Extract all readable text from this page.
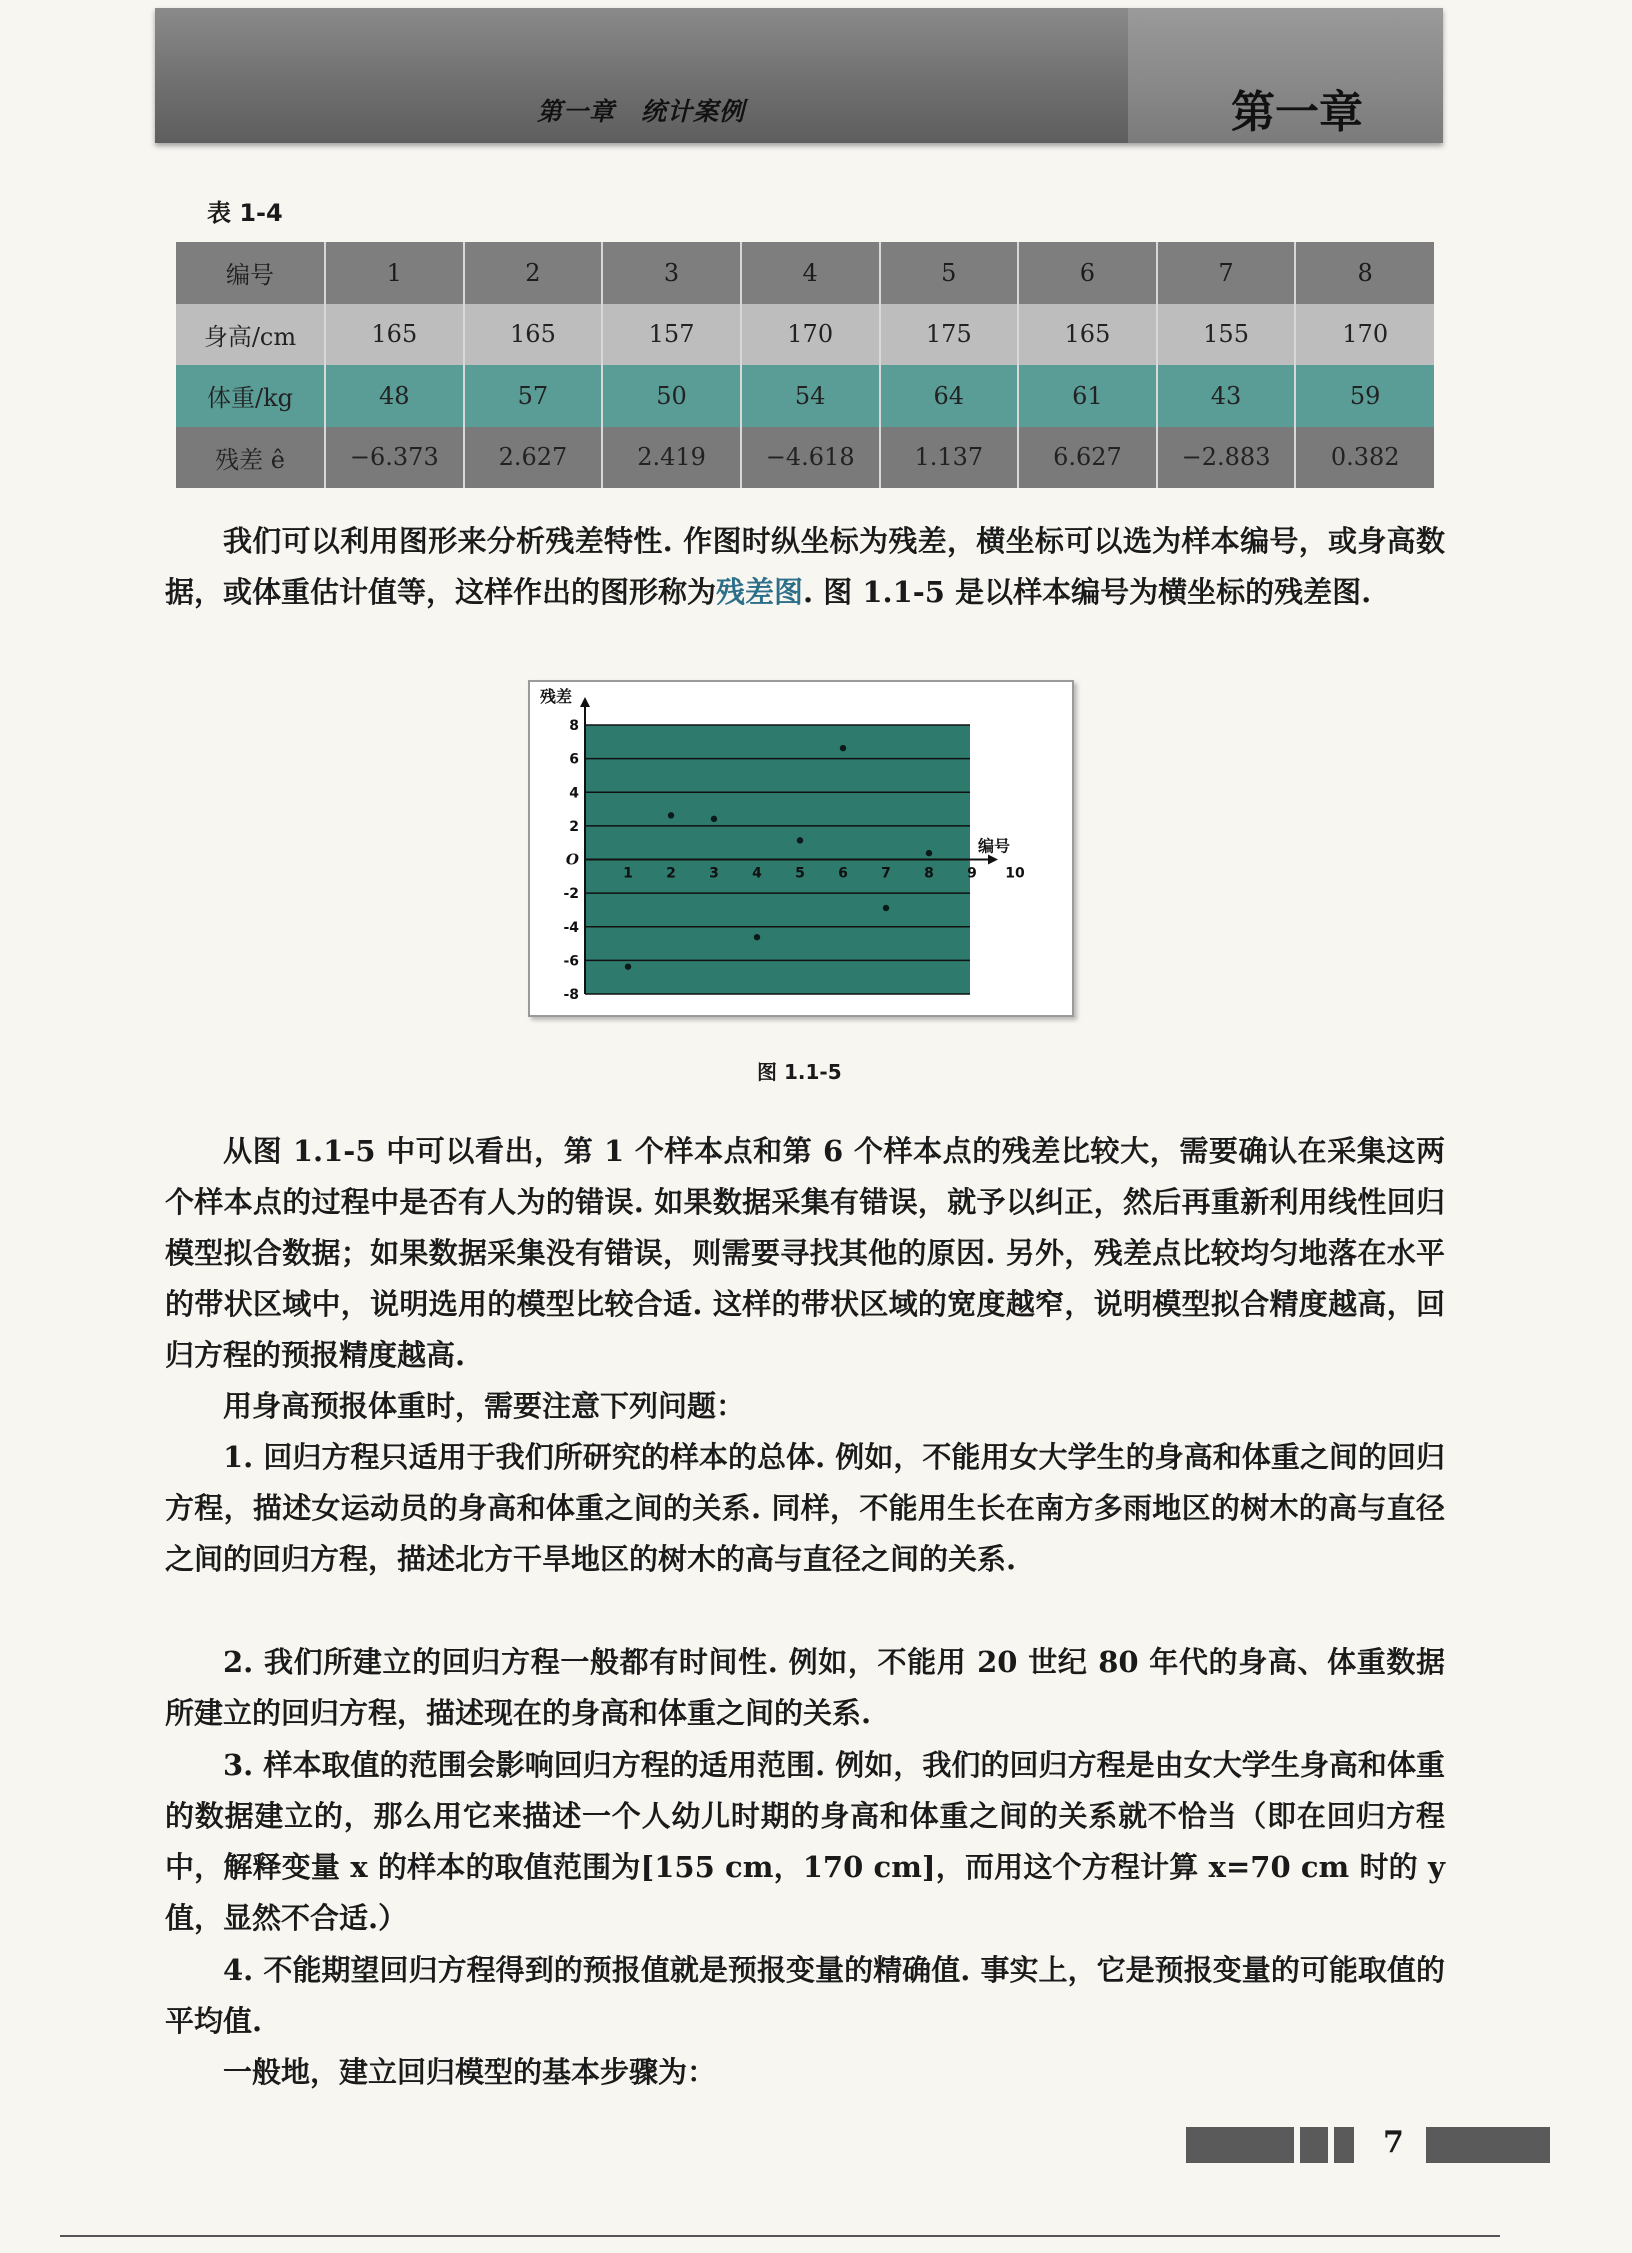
第一章　统计案例	第一章
表 1-4
编号	1	2	3	4	5	6	7	8
身高/cm	165	165	157	170	175	165	155	170
体重/kg	48	57	50	54	64	61	43	59
残差 ê	−6.373	2.627	2.419	−4.618	1.137	6.627	−2.883	0.382

我们可以利用图形来分析残差特性. 作图时纵坐标为残差，横坐标可以选为样本编号，或身高数据，或体重估计值等，这样作出的图形称为残差图. 图 1.1-5 是以样本编号为横坐标的残差图.

8
6
4
2
-2
-4
-6
-8
O
1 2 3 4 5 6 7 8 9 10
残差
编号
图 1.1-5

从图 1.1-5 中可以看出，第 1 个样本点和第 6 个样本点的残差比较大，需要确认在采集这两个样本点的过程中是否有人为的错误. 如果数据采集有错误，就予以纠正，然后再重新利用线性回归模型拟合数据；如果数据采集没有错误，则需要寻找其他的原因. 另外，残差点比较均匀地落在水平的带状区域中，说明选用的模型比较合适. 这样的带状区域的宽度越窄，说明模型拟合精度越高，回归方程的预报精度越高.

用身高预报体重时，需要注意下列问题：

1. 回归方程只适用于我们所研究的样本的总体. 例如，不能用女大学生的身高和体重之间的回归方程，描述女运动员的身高和体重之间的关系. 同样，不能用生长在南方多雨地区的树木的高与直径之间的回归方程，描述北方干旱地区的树木的高与直径之间的关系.

2. 我们所建立的回归方程一般都有时间性. 例如，不能用 20 世纪 80 年代的身高、体重数据所建立的回归方程，描述现在的身高和体重之间的关系.

3. 样本取值的范围会影响回归方程的适用范围. 例如，我们的回归方程是由女大学生身高和体重的数据建立的，那么用它来描述一个人幼儿时期的身高和体重之间的关系就不恰当（即在回归方程中，解释变量 x 的样本的取值范围为[155 cm，170 cm]，而用这个方程计算 x=70 cm 时的 y 值，显然不合适.）

4. 不能期望回归方程得到的预报值就是预报变量的精确值. 事实上，它是预报变量的可能取值的平均值.

一般地，建立回归模型的基本步骤为：

7
